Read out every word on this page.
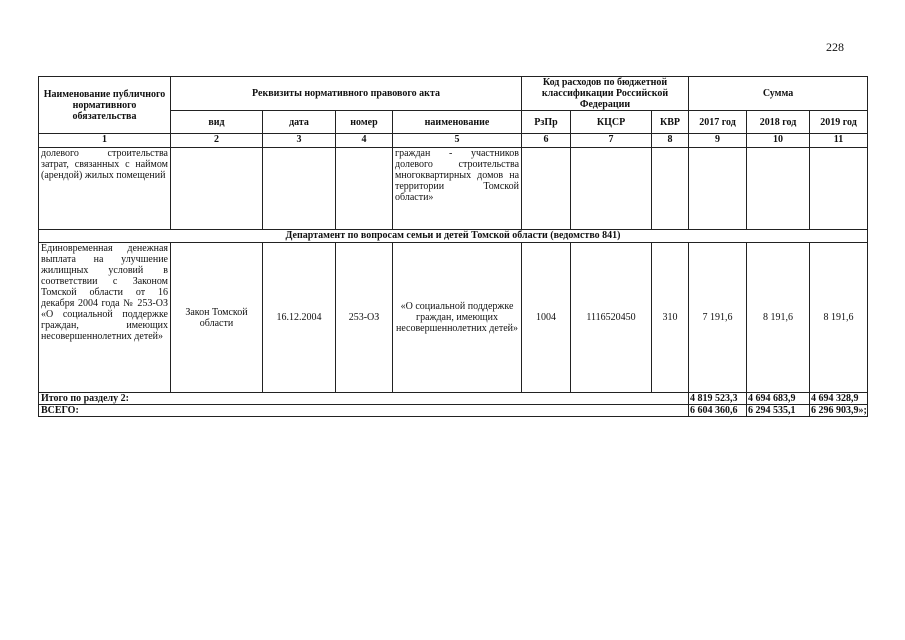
228
Наименование публичного нормативного обязательства	Реквизиты нормативного правового акта				Код расходов по бюджетной классификации Российской Федерации			Сумма		
	вид	дата	номер	наименование	РзПр	КЦСР	КВР	2017 год	2018 год	2019 год
1	2	3	4	5	6	7	8	9	10	11
долевого строительства затрат, связанных с наймом (арендой) жилых помещений				граждан - участников долевого строительства многоквартирных домов на территории Томской области»						
Департамент по вопросам семьи и детей Томской области (ведомство 841)										
Единовременная денежная выплата на улучшение жилищных условий в соответствии с Законом Томской области от 16 декабря 2004 года № 253-ОЗ «О социальной поддержке граждан, имеющих несовершеннолетних детей»	Закон Томской области	16.12.2004	253-ОЗ	«О социальной поддержке граждан, имеющих несовершеннолетних детей»	1004	1116520450	310	7 191,6	8 191,6	8 191,6
Итого по разделу 2:								4 819 523,3	4 694 683,9	4 694 328,9
ВСЕГО:								6 604 360,6	6 294 535,1	6 296 903,9»;
